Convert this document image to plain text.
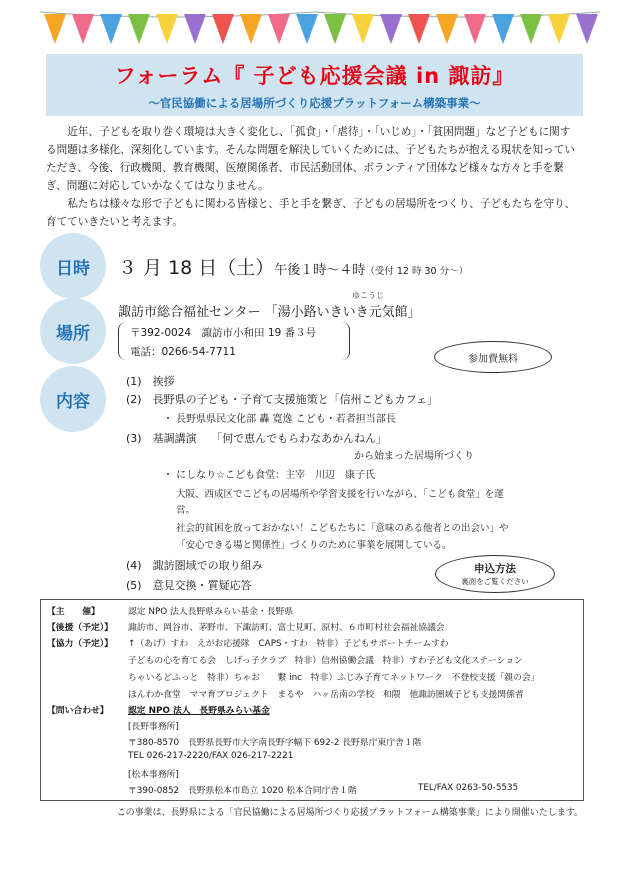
フォーラム『 子ども応援会議 in 諏訪』
～官民協働による居場所づくり応援プラットフォーム構築事業～

近年、子どもを取り巻く環境は大きく変化し、「孤食」・「虐待」・「いじめ」・「貧困問題」など子どもに関する問題は多様化、深刻化しています。そんな問題を解決していくためには、子どもたちが抱える現状を知っていただき、今後、行政機関、教育機関、医療関係者、市民活動団体、ボランティア団体など様々な方々と手を繋ぎ、問題に対応していかなくてはなりません。

私たちは様々な形で子どもに関わる皆様と、手と手を繋ぎ、子どもの居場所をつくり、子どもたちを守り、育てていきたいと考えます。

日時
場所
内容
３ 月 18 日（土）午後１時～４時（受付 12 時 30 分～）
ゆこうじ
諏訪市総合福祉センター 「湯小路いきいき元気館」
〒392-0024　諏訪市小和田 19 番３号
電話：0266-54-7711
参加費無料
(1)　挨拶
(2)　長野県の子ども・子育て支援施策と「信州こどもカフェ」
・ 長野県県民文化部 轟 寛逸 こども・若者担当部長
(3)　基調講演　 「何で恵んでもらわなあかんねん」
から始まった居場所づくり
・ にしなり☆こども食堂：主宰　川辺　康子氏
大阪、西成区でこどもの居場所や学習支援を行いながら、「こども食堂」を運
営。
社会的貧困を放っておかない！こどもたちに「意味のある他者との出会い」や
「安心できる場と関係性」づくりのために事業を展開している。
(4)　諏訪圏域での取り組み
(5)　意見交換・質疑応答
申込方法
裏面をご覧ください
【主　　催】	認定 NPO 法人長野県みらい基金・長野県
【後援（予定）】 諏訪市、岡谷市、茅野市、下諏訪町、富士見町、原村、６市町村社会福祉協議会
【協力（予定）】 ↑（あげ）すわ　えがお応援隊　CAPS・すわ　特非）子どもサポートチームすわ
子どもの心を育てる会　しげっ子クラブ　特非）信州協働会議　特非）すわ子ども文化ステーション
ちゃいるどふっと　特非）ちゃお　　繋 inc　特非）ふじみ子育てネットワーク　不登校支援「親の会」
ほんわか食堂　ママ育プロジェクト　まるや　ハヶ岳南の学校　和隈　他諏訪圏域子ども支援関係者
【問い合わせ】 認定 NPO 法人　長野県みらい基金
[長野事務所]
〒380-8570　長野県長野市大字南長野字幅下 692-2 長野県庁東庁舎１階
TEL 026-217-2220/FAX 026-217-2221
[松本事務所]
〒390-0852　長野県松本市島立 1020 松本合同庁舎１階	TEL/FAX 0263-50-5535
この事業は、長野県による「官民協働による居場所づくり応援プラットフォーム構築事業」により開催いたします。
